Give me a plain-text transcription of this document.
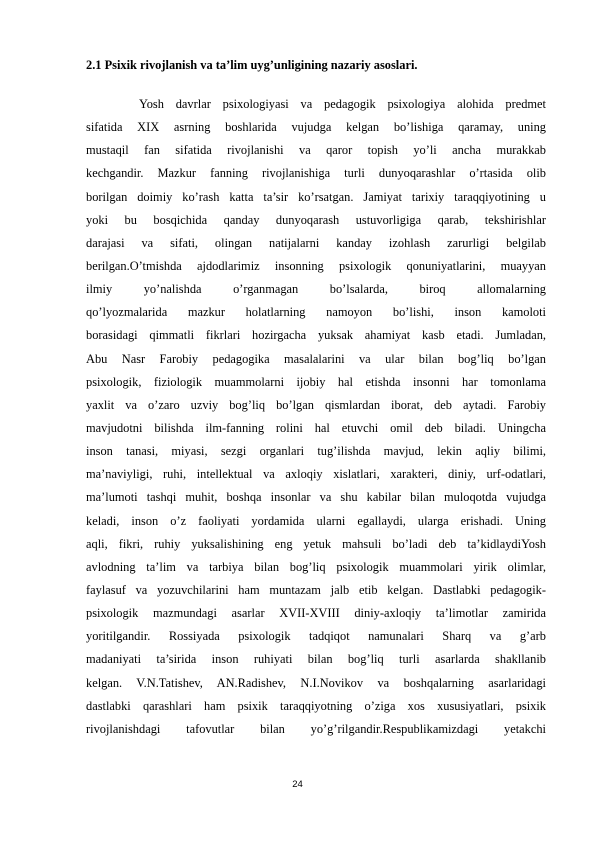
2.1 Psixik rivojlanish va ta’lim uyg’unligining nazariy asoslari.
Yosh davrlar psixologiyasi va pedagogik psixologiya alohida predmet
sifatida XIX asrning boshlarida vujudga kelgan bo’lishiga qaramay, uning
mustaqil fan sifatida rivojlanishi va qaror topish yo’li ancha murakkab
kechgandir. Mazkur fanning rivojlanishiga turli dunyoqarashlar o’rtasida olib
borilgan doimiy ko’rash katta ta’sir ko’rsatgan. Jamiyat tarixiy taraqqiyotining u
yoki bu bosqichida qanday dunyoqarash ustuvorligiga qarab, tekshirishlar
darajasi va sifati, olingan natijalarni kanday izohlash zarurligi belgilab
berilgan.O’tmishda ajdodlarimiz insonning psixologik qonuniyatlarini, muayyan
ilmiy yo’nalishda o’rganmagan bo’lsalarda, biroq allomalarning
qo’lyozmalarida mazkur holatlarning namoyon bo’lishi, inson kamoloti
borasidagi qimmatli fikrlari hozirgacha yuksak ahamiyat kasb etadi. Jumladan,
Abu Nasr Farobiy pedagogika masalalarini va ular bilan bog’liq bo’lgan
psixologik, fiziologik muammolarni ijobiy hal etishda insonni har tomonlama
yaxlit va o’zaro uzviy bog’liq bo’lgan qismlardan iborat, deb aytadi. Farobiy
mavjudotni bilishda ilm-fanning rolini hal etuvchi omil deb biladi. Uningcha
inson tanasi, miyasi, sezgi organlari tug’ilishda mavjud, lekin aqliy bilimi,
ma’naviyligi, ruhi, intellektual va axloqiy xislatlari, xarakteri, diniy, urf-odatlari,
ma’lumoti tashqi muhit, boshqa insonlar va shu kabilar bilan muloqotda vujudga
keladi, inson o’z faoliyati yordamida ularni egallaydi, ularga erishadi. Uning
aqli, fikri, ruhiy yuksalishining eng yetuk mahsuli bo’ladi deb ta’kidlaydiYosh
avlodning ta’lim va tarbiya bilan bog’liq psixologik muammolari yirik olimlar,
faylasuf va yozuvchilarini ham muntazam jalb etib kelgan. Dastlabki pedagogik-
psixologik mazmundagi asarlar XVII-XVIII diniy-axloqiy ta’limotlar zamirida
yoritilgandir. Rossiyada psixologik tadqiqot namunalari Sharq va g’arb
madaniyati ta’sirida inson ruhiyati bilan bog’liq turli asarlarda shakllanib
kelgan. V.N.Tatishev, AN.Radishev, N.I.Novikov va boshqalarning asarlaridagi
dastlabki qarashlari ham psixik taraqqiyotning o’ziga xos xususiyatlari, psixik
rivojlanishdagi tafovutlar bilan yo’g’rilgandir.Respublikamizdagi yetakchi
24
